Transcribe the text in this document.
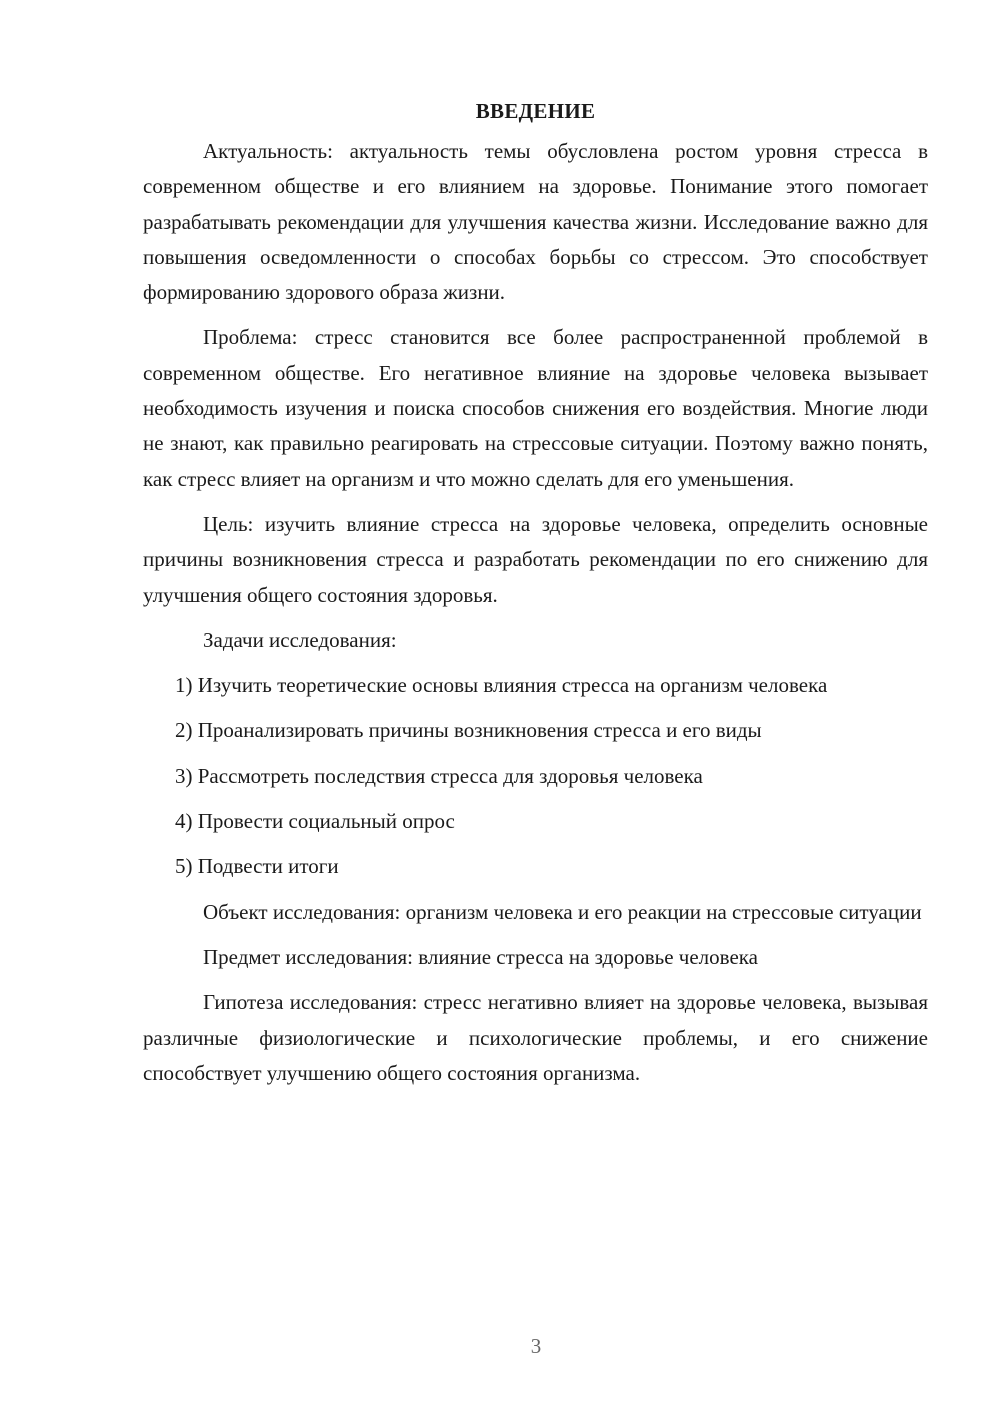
ВВЕДЕНИЕ

Актуальность: актуальность темы обусловлена ростом уровня стресса в современном обществе и его влиянием на здоровье. Понимание этого помогает разрабатывать рекомендации для улучшения качества жизни. Исследование важно для повышения осведомленности о способах борьбы со стрессом. Это способствует формированию здорового образа жизни.

Проблема: стресс становится все более распространенной проблемой в современном обществе. Его негативное влияние на здоровье человека вызывает необходимость изучения и поиска способов снижения его воздействия. Многие люди не знают, как правильно реагировать на стрессовые ситуации. Поэтому важно понять, как стресс влияет на организм и что можно сделать для его уменьшения.

Цель: изучить влияние стресса на здоровье человека, определить основные причины возникновения стресса и разработать рекомендации по его снижению для улучшения общего состояния здоровья.

Задачи исследования:

1) Изучить теоретические основы влияния стресса на организм человека

2) Проанализировать причины возникновения стресса и его виды

3) Рассмотреть последствия стресса для здоровья человека

4) Провести социальный опрос

5) Подвести итоги

Объект исследования: организм человека и его реакции на стрессовые ситуации

Предмет исследования: влияние стресса на здоровье человека

Гипотеза исследования: стресс негативно влияет на здоровье человека, вызывая различные физиологические и психологические проблемы, и его снижение способствует улучшению общего состояния организма.

3
